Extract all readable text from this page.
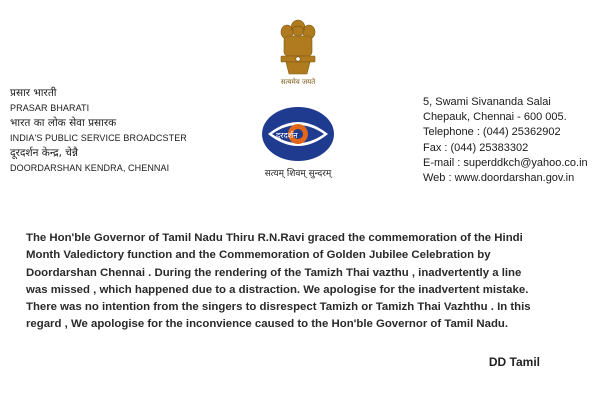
सत्यमेव जयते
प्रसार भारती
PRASAR BHARATI
भारत का लोक सेवा प्रसारक
INDIA'S PUBLIC SERVICE BROADCSTER
दूरदर्शन केन्द्र, चेन्नै
DOORDARSHAN KENDRA, CHENNAI
दूरदर्शन
सत्यम् शिवम् सुन्दरम्
5, Swami Sivananda Salai
Chepauk, Chennai - 600 005.
Telephone : (044) 25362902
Fax : (044) 25383302
E-mail : superddkch@yahoo.co.in
Web : www.doordarshan.gov.in
The Hon'ble Governor of Tamil Nadu Thiru R.N.Ravi graced the commemoration of the Hindi
Month Valedictory function and the Commemoration of Golden Jubilee Celebration by
Doordarshan Chennai . During the rendering of the Tamizh Thai vazthu , inadvertently a line
was missed , which happened due to a distraction. We apologise for the inadvertent mistake.
There was no intention from the singers to disrespect Tamizh or Tamizh Thai Vazhthu . In this
regard , We apologise for the inconvience caused to the Hon'ble Governor of Tamil Nadu.
DD Tamil
